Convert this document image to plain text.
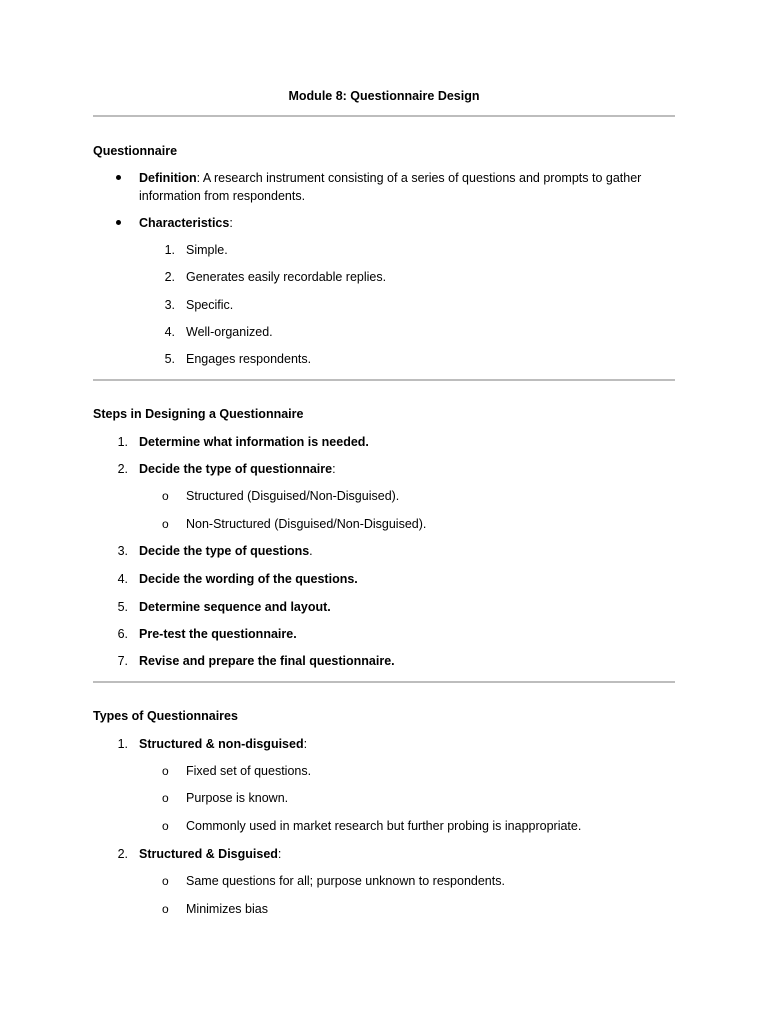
Module 8: Questionnaire Design
Questionnaire
Definition: A research instrument consisting of a series of questions and prompts to gather information from respondents.
Characteristics:
1. Simple.
2. Generates easily recordable replies.
3. Specific.
4. Well-organized.
5. Engages respondents.
Steps in Designing a Questionnaire
1. Determine what information is needed.
2. Decide the type of questionnaire:
o Structured (Disguised/Non-Disguised).
o Non-Structured (Disguised/Non-Disguised).
3. Decide the type of questions.
4. Decide the wording of the questions.
5. Determine sequence and layout.
6. Pre-test the questionnaire.
7. Revise and prepare the final questionnaire.
Types of Questionnaires
1. Structured & non-disguised:
o Fixed set of questions.
o Purpose is known.
o Commonly used in market research but further probing is inappropriate.
2. Structured & Disguised:
o Same questions for all; purpose unknown to respondents.
o Minimizes bias
